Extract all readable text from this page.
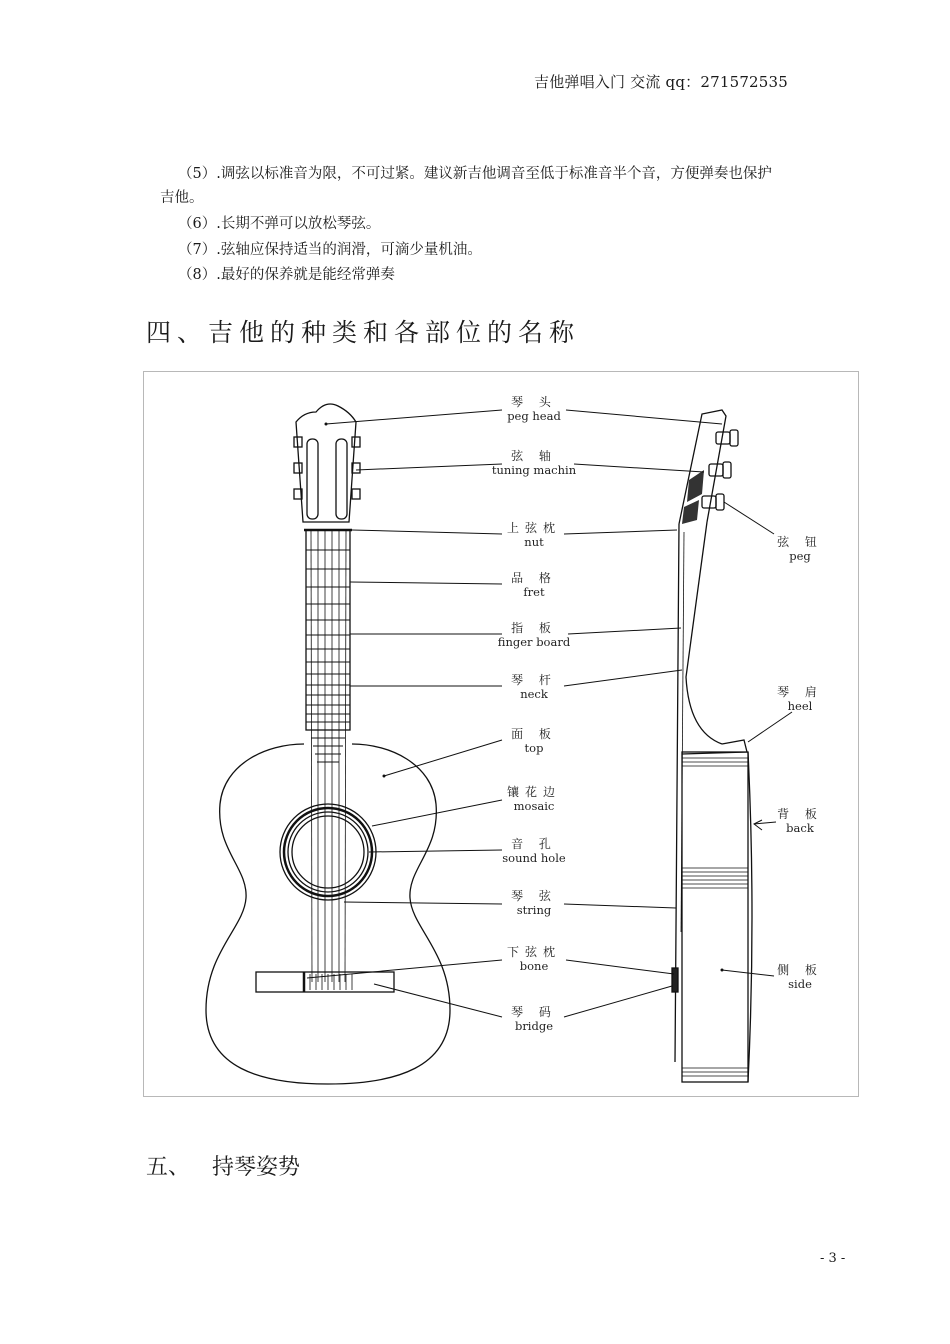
吉他弹唱入门 交流 qq：271572535
（5）.调弦以标准音为限，不可过紧。建议新吉他调音至低于标准音半个音，方便弹奏也保护
吉他。
（6）.长期不弹可以放松琴弦。
（7）.弦轴应保持适当的润滑，可滴少量机油。
（8）.最好的保养就是能经常弹奏
四、吉他的种类和各部位的名称
琴 头
peg head
弦 轴
tuning machin
上弦枕
nut
品 格
fret
指 板
finger board
琴 杆
neck
面 板
top
镶花边
mosaic
音 孔
sound hole
琴 弦
string
下弦枕
bone
琴 码
bridge
弦 钮
peg
琴 肩
heel
背 板
back
侧 板
side
五、 持琴姿势
- 3 -
